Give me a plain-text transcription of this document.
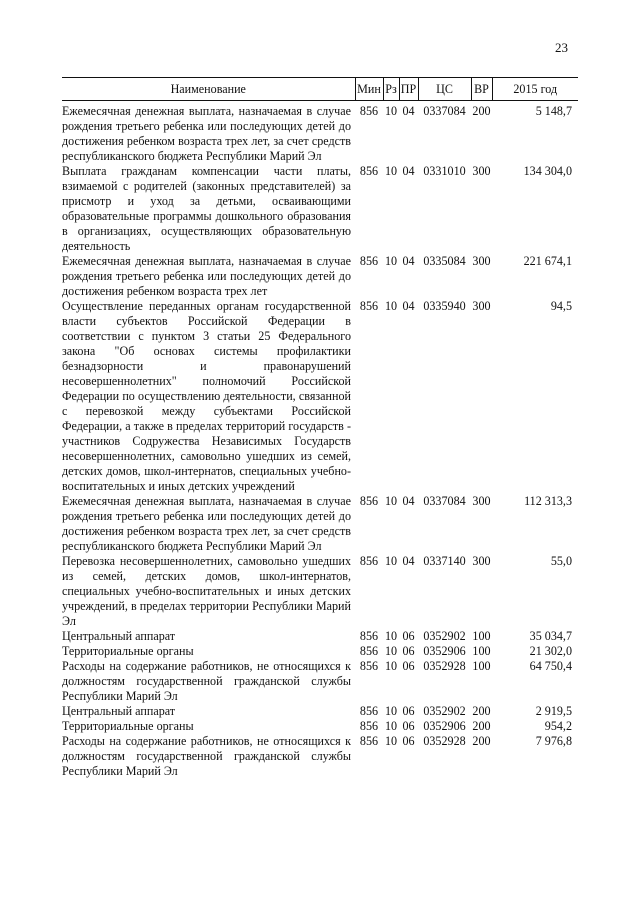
23
Наименование	Мин	Рз	ПР	ЦС	ВР	2015 год
Ежемесячная денежная выплата, назначаемая в случае рождения третьего ребенка или последующих детей до достижения ребенком возраста трех лет, за счет средств республиканского бюджета Республики Марий Эл	856	10	04	0337084	200	5 148,7
Выплата гражданам компенсации части платы, взимаемой с родителей (законных представителей) за присмотр и уход за детьми, осваивающими образовательные программы дошкольного образования в организациях, осуществляющих образовательную деятельность	856	10	04	0331010	300	134 304,0
Ежемесячная денежная выплата, назначаемая в случае рождения третьего ребенка или последующих детей до достижения ребенком возраста трех лет	856	10	04	0335084	300	221 674,1
Осуществление переданных органам государственной власти субъектов Российской Федерации в соответствии с пунктом 3 статьи 25 Федерального закона "Об основах системы профилактики безнадзорности и правонарушений несовершеннолетних" полномочий Российской Федерации по осуществлению деятельности, связанной с перевозкой между субъектами Российской Федерации, а также в пределах территорий государств - участников Содружества Независимых Государств несовершеннолетних, самовольно ушедших из семей, детских домов, школ-интернатов, специальных учебно-воспитательных и иных детских учреждений	856	10	04	0335940	300	94,5
Ежемесячная денежная выплата, назначаемая в случае рождения третьего ребенка или последующих детей до достижения ребенком возраста трех лет, за счет средств республиканского бюджета Республики Марий Эл	856	10	04	0337084	300	112 313,3
Перевозка несовершеннолетних, самовольно ушедших из семей, детских домов, школ-интернатов, специальных учебно-воспитательных и иных детских учреждений, в пределах территории Республики Марий Эл	856	10	04	0337140	300	55,0
Центральный аппарат	856	10	06	0352902	100	35 034,7
Территориальные органы	856	10	06	0352906	100	21 302,0
Расходы на содержание работников, не относящихся к должностям государственной гражданской службы Республики Марий Эл	856	10	06	0352928	100	64 750,4
Центральный аппарат	856	10	06	0352902	200	2 919,5
Территориальные органы	856	10	06	0352906	200	954,2
Расходы на содержание работников, не относящихся к должностям государственной гражданской службы Республики Марий Эл	856	10	06	0352928	200	7 976,8
